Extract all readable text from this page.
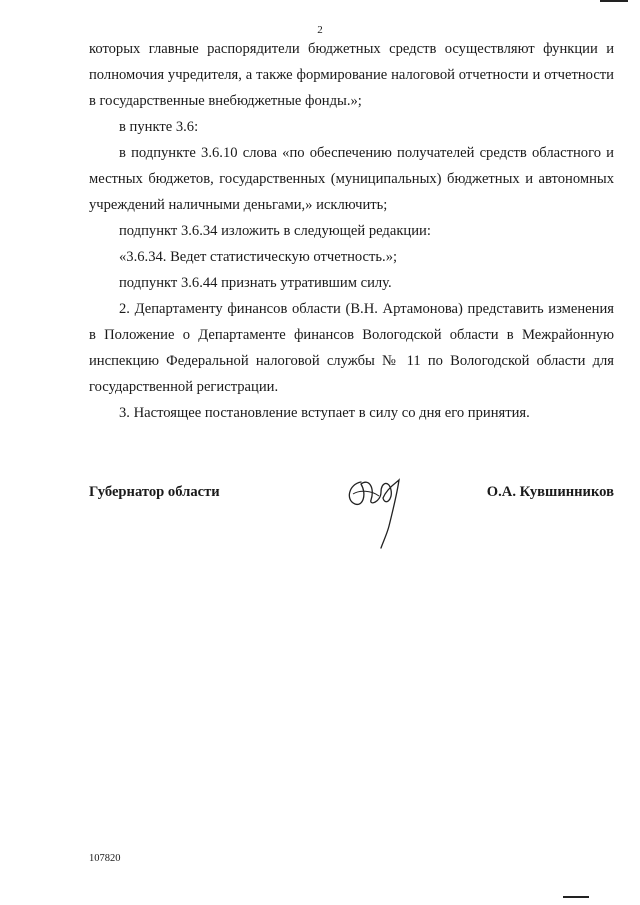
2

которых главные распорядители бюджетных средств осуществляют функции и полномочия учредителя, а также формирование налоговой отчетности и отчетности в государственные внебюджетные фонды.»;

в пункте 3.6:

в подпункте 3.6.10 слова «по обеспечению получателей средств областного и местных бюджетов, государственных (муниципальных) бюджетных и автономных учреждений наличными деньгами,» исключить;

подпункт 3.6.34 изложить в следующей редакции:

«3.6.34. Ведет статистическую отчетность.»;

подпункт 3.6.44 признать утратившим силу.

2. Департаменту финансов области (В.Н. Артамонова) представить изменения в Положение о Департаменте финансов Вологодской области в Межрайонную инспекцию Федеральной налоговой службы № 11 по Вологодской области для государственной регистрации.

3. Настоящее постановление вступает в силу со дня его принятия.

Губернатор области	О.А. Кувшинников
107820
